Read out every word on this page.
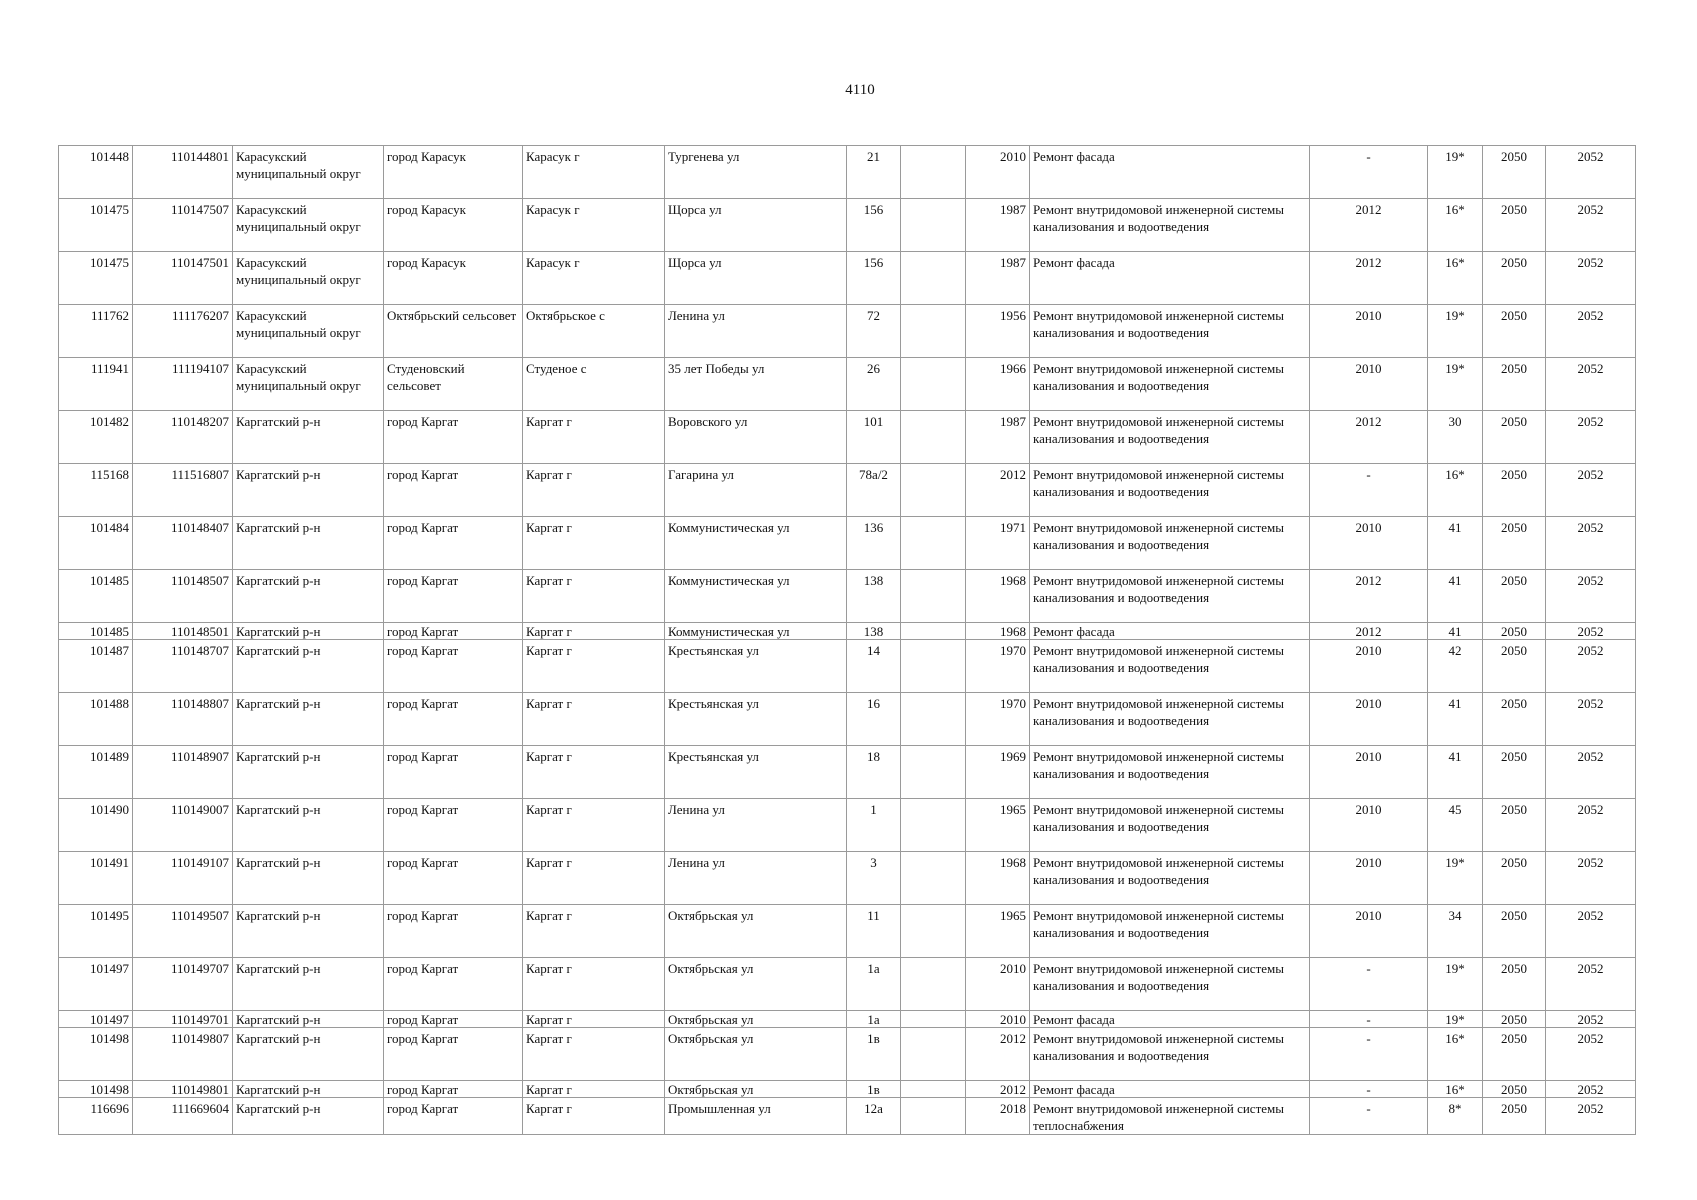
4110
101448	110144801	Карасукский муниципальный округ	город Карасук	Карасук г	Тургенева ул	21		2010	Ремонт фасада	-	19*	2050	2052
101475	110147507	Карасукский муниципальный округ	город Карасук	Карасук г	Щорса ул	156		1987	Ремонт внутридомовой инженерной системы канализования и водоотведения	2012	16*	2050	2052
101475	110147501	Карасукский муниципальный округ	город Карасук	Карасук г	Щорса ул	156		1987	Ремонт фасада	2012	16*	2050	2052
111762	111176207	Карасукский муниципальный округ	Октябрьский сельсовет	Октябрьское с	Ленина ул	72		1956	Ремонт внутридомовой инженерной системы канализования и водоотведения	2010	19*	2050	2052
111941	111194107	Карасукский муниципальный округ	Студеновский сельсовет	Студеное с	35 лет Победы ул	26		1966	Ремонт внутридомовой инженерной системы канализования и водоотведения	2010	19*	2050	2052
101482	110148207	Каргатский р-н	город Каргат	Каргат г	Воровского ул	101		1987	Ремонт внутридомовой инженерной системы канализования и водоотведения	2012	30	2050	2052
115168	111516807	Каргатский р-н	город Каргат	Каргат г	Гагарина ул	78а/2		2012	Ремонт внутридомовой инженерной системы канализования и водоотведения	-	16*	2050	2052
101484	110148407	Каргатский р-н	город Каргат	Каргат г	Коммунистическая ул	136		1971	Ремонт внутридомовой инженерной системы канализования и водоотведения	2010	41	2050	2052
101485	110148507	Каргатский р-н	город Каргат	Каргат г	Коммунистическая ул	138		1968	Ремонт внутридомовой инженерной системы канализования и водоотведения	2012	41	2050	2052
101485	110148501	Каргатский р-н	город Каргат	Каргат г	Коммунистическая ул	138		1968	Ремонт фасада	2012	41	2050	2052
101487	110148707	Каргатский р-н	город Каргат	Каргат г	Крестьянская ул	14		1970	Ремонт внутридомовой инженерной системы канализования и водоотведения	2010	42	2050	2052
101488	110148807	Каргатский р-н	город Каргат	Каргат г	Крестьянская ул	16		1970	Ремонт внутридомовой инженерной системы канализования и водоотведения	2010	41	2050	2052
101489	110148907	Каргатский р-н	город Каргат	Каргат г	Крестьянская ул	18		1969	Ремонт внутридомовой инженерной системы канализования и водоотведения	2010	41	2050	2052
101490	110149007	Каргатский р-н	город Каргат	Каргат г	Ленина ул	1		1965	Ремонт внутридомовой инженерной системы канализования и водоотведения	2010	45	2050	2052
101491	110149107	Каргатский р-н	город Каргат	Каргат г	Ленина ул	3		1968	Ремонт внутридомовой инженерной системы канализования и водоотведения	2010	19*	2050	2052
101495	110149507	Каргатский р-н	город Каргат	Каргат г	Октябрьская ул	11		1965	Ремонт внутридомовой инженерной системы канализования и водоотведения	2010	34	2050	2052
101497	110149707	Каргатский р-н	город Каргат	Каргат г	Октябрьская ул	1а		2010	Ремонт внутридомовой инженерной системы канализования и водоотведения	-	19*	2050	2052
101497	110149701	Каргатский р-н	город Каргат	Каргат г	Октябрьская ул	1а		2010	Ремонт фасада	-	19*	2050	2052
101498	110149807	Каргатский р-н	город Каргат	Каргат г	Октябрьская ул	1в		2012	Ремонт внутридомовой инженерной системы канализования и водоотведения	-	16*	2050	2052
101498	110149801	Каргатский р-н	город Каргат	Каргат г	Октябрьская ул	1в		2012	Ремонт фасада	-	16*	2050	2052
116696	111669604	Каргатский р-н	город Каргат	Каргат г	Промышленная ул	12а		2018	Ремонт внутридомовой инженерной системы теплоснабжения	-	8*	2050	2052
